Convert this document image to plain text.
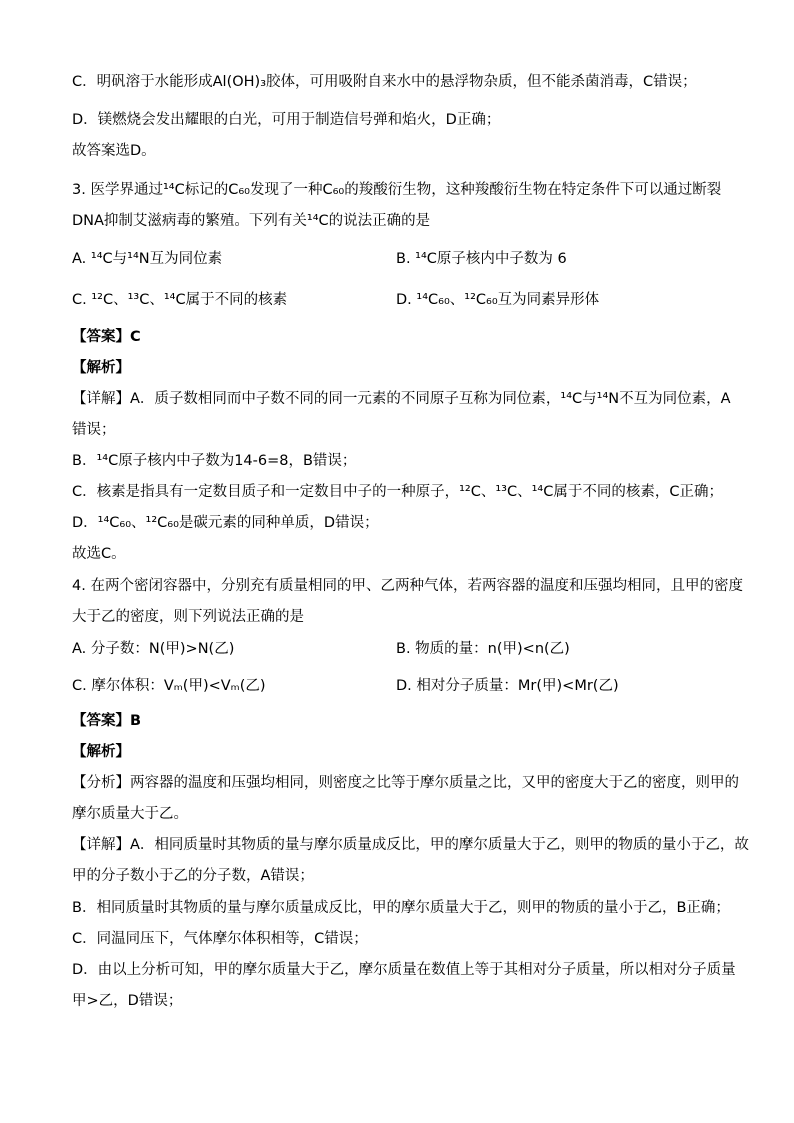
C．明矾溶于水能形成Al(OH)₃胶体，可用吸附自来水中的悬浮物杂质，但不能杀菌消毒，C错误；
D．镁燃烧会发出耀眼的白光，可用于制造信号弹和焰火，D正确；
故答案选D。
3. 医学界通过¹⁴C标记的C₆₀发现了一种C₆₀的羧酸衍生物，这种羧酸衍生物在特定条件下可以通过断裂
DNA抑制艾滋病毒的繁殖。下列有关¹⁴C的说法正确的是
A. ¹⁴C与¹⁴N互为同位素	B. ¹⁴C原子核内中子数为 6
C. ¹²C、¹³C、¹⁴C属于不同的核素	D. ¹⁴C₆₀、¹²C₆₀互为同素异形体
【答案】C
【解析】
【详解】A．质子数相同而中子数不同的同一元素的不同原子互称为同位素，¹⁴C与¹⁴N不互为同位素，A
错误；
B．¹⁴C原子核内中子数为14-6=8，B错误；
C．核素是指具有一定数目质子和一定数目中子的一种原子，¹²C、¹³C、¹⁴C属于不同的核素，C正确；
D．¹⁴C₆₀、¹²C₆₀是碳元素的同种单质，D错误；
故选C。
4. 在两个密闭容器中，分别充有质量相同的甲、乙两种气体，若两容器的温度和压强均相同，且甲的密度
大于乙的密度，则下列说法正确的是
A. 分子数：N(甲)>N(乙)	B. 物质的量：n(甲)<n(乙)
C. 摩尔体积：Vₘ(甲)<Vₘ(乙)	D. 相对分子质量：Mr(甲)<Mr(乙)
【答案】B
【解析】
【分析】两容器的温度和压强均相同，则密度之比等于摩尔质量之比，又甲的密度大于乙的密度，则甲的
摩尔质量大于乙。
【详解】A．相同质量时其物质的量与摩尔质量成反比，甲的摩尔质量大于乙，则甲的物质的量小于乙，故
甲的分子数小于乙的分子数，A错误；
B．相同质量时其物质的量与摩尔质量成反比，甲的摩尔质量大于乙，则甲的物质的量小于乙，B正确；
C．同温同压下，气体摩尔体积相等，C错误；
D．由以上分析可知，甲的摩尔质量大于乙，摩尔质量在数值上等于其相对分子质量，所以相对分子质量
甲>乙，D错误；
